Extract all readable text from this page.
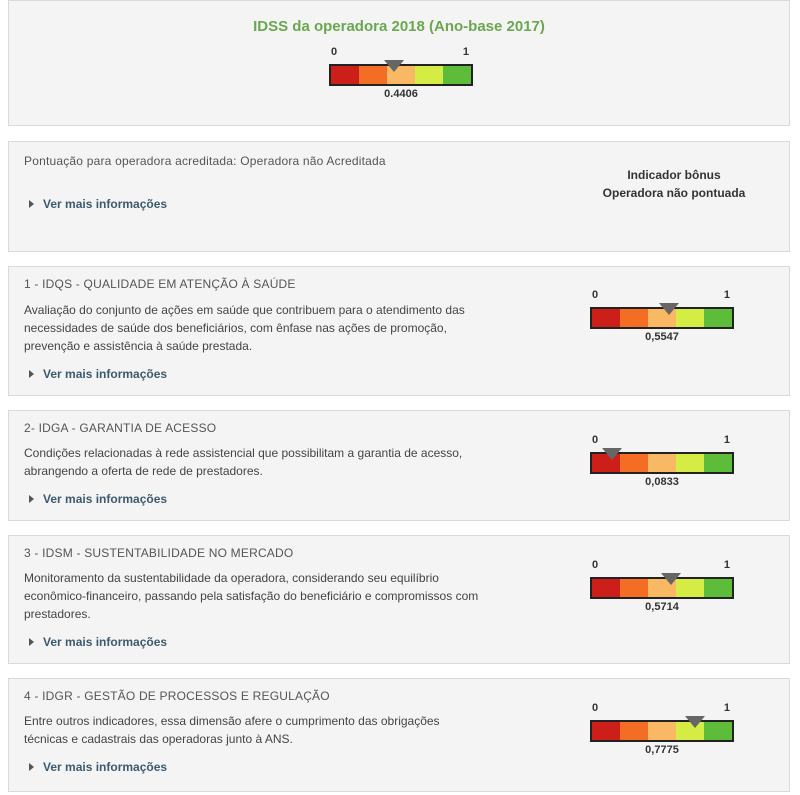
IDSS da operadora 2018 (Ano-base 2017)
0	1
0.4406
Pontuação para operadora acreditada: Operadora não Acreditada
Ver mais informações
Indicador bônus
Operadora não pontuada
1 - IDQS - QUALIDADE EM ATENÇÃO À SAÚDE
Avaliação do conjunto de ações em saúde que contribuem para o atendimento das
necessidades de saúde dos beneficiários, com ênfase nas ações de promoção,
prevenção e assistência à saúde prestada.
Ver mais informações
0	1
0,5547
2- IDGA - GARANTIA DE ACESSO
Condições relacionadas à rede assistencial que possibilitam a garantia de acesso,
abrangendo a oferta de rede de prestadores.
Ver mais informações
0	1
0,0833
3 - IDSM - SUSTENTABILIDADE NO MERCADO
Monitoramento da sustentabilidade da operadora, considerando seu equilíbrio
econômico-financeiro, passando pela satisfação do beneficiário e compromissos com
prestadores.
Ver mais informações
0	1
0,5714
4 - IDGR - GESTÃO DE PROCESSOS E REGULAÇÃO
Entre outros indicadores, essa dimensão afere o cumprimento das obrigações
técnicas e cadastrais das operadoras junto à ANS.
Ver mais informações
0	1
0,7775
